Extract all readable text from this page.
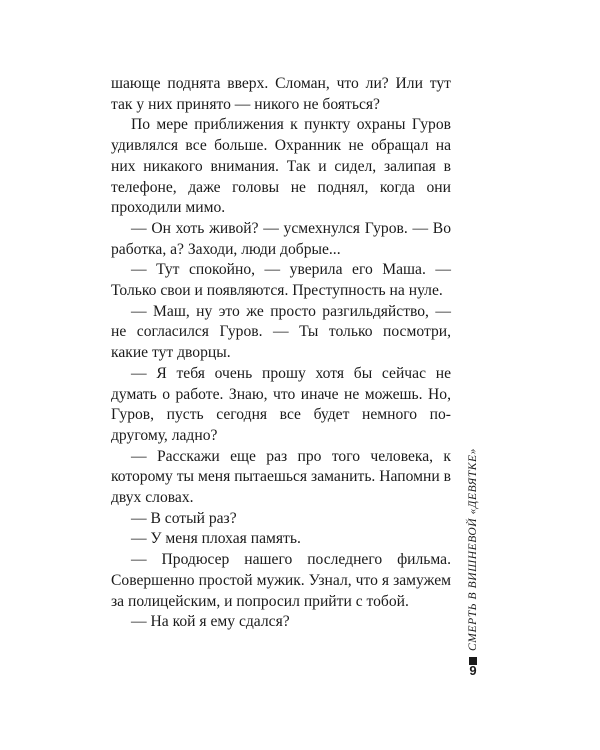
шающе поднята вверх. Сломан, что ли? Или тут так у них принято — никого не бояться?

По мере приближения к пункту охраны Гуров удивлялся все больше. Охранник не обращал на них никакого внимания. Так и сидел, залипая в телефоне, даже головы не поднял, когда они проходили мимо.

— Он хоть живой? — усмехнулся Гуров. — Во работка, а? Заходи, люди добрые...

— Тут спокойно, — уверила его Маша. — Только свои и появляются. Преступность на нуле.

— Маш, ну это же просто разгильдяйство, — не согласился Гуров. — Ты только посмотри, какие тут дворцы.

— Я тебя очень прошу хотя бы сейчас не думать о работе. Знаю, что иначе не можешь. Но, Гуров, пусть сегодня все будет немного по-другому, ладно?

— Расскажи еще раз про того человека, к которому ты меня пытаешься заманить. Напомни в двух словах.

— В сотый раз?

— У меня плохая память.

— Продюсер нашего последнего фильма. Совершенно простой мужик. Узнал, что я замужем за полицейским, и попросил прийти с тобой.

— На кой я ему сдался?	СМЕРТЬ В ВИШНЕВОЙ «ДЕВЯТКЕ»
9
